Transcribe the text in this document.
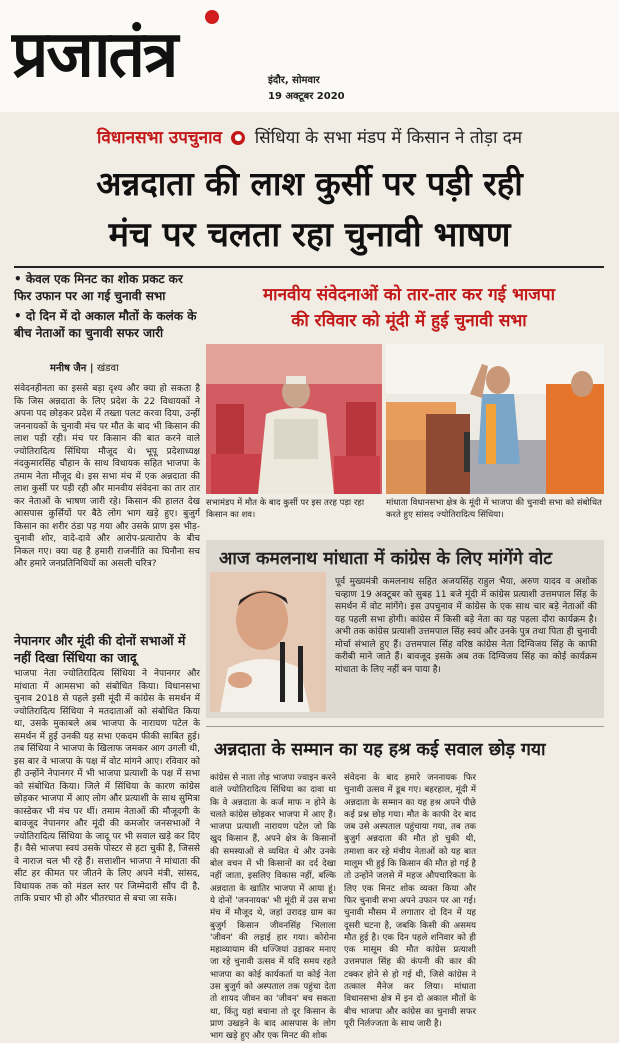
प्रजातंत्र	इंदौर, सोमवार
19 अक्टूबर 2020
विधानसभा उपचुनाव ● सिंधिया के सभा मंडप में किसान ने तोड़ा दम
अन्नदाता की लाश कुर्सी पर पड़ी रही
मंच पर चलता रहा चुनावी भाषण
• केवल एक मिनट का शोक प्रकट कर फिर उफान पर आ गई चुनावी सभा
• दो दिन में दो अकाल मौतों के कलंक के बीच नेताओं का चुनावी सफर जारी
मानवीय संवेदनाओं को तार-तार कर गई भाजपा
की रविवार को मूंदी में हुई चुनावी सभा
मनीष जैन | खंडवा
सभामंडप में मौत के बाद कुर्सी पर इस तरह पड़ा रहा किसान का शव।
मांधाता विधानसभा क्षेत्र के मूंदी में भाजपा की चुनावी सभा को संबोधित करते हुए सांसद ज्योतिरादित्य सिंधिया।

संवेदनहीनता का इससे बड़ा दृश्य और क्या हो सकता है कि जिस अन्नदाता के लिए प्रदेश के 22 विधायकों ने अपना पद छोड़कर प्रदेश में तख्ता पलट करवा दिया, उन्हीं जननायकों के चुनावी मंच पर मौत के बाद भी किसान की लाश पड़ी रही। मंच पर किसान की बात करने वाले ज्योतिरादित्य सिंधिया मौजूद थे। भूपू प्रदेशाध्यक्ष नंदकुमारसिंह चौहान के साथ विधायक सहित भाजपा के तमाम नेता मौजूद थे। इस सभा मंच में एक अन्नदाता की लाश कुर्सी पर पड़ी रही और मानवीय संवेदना का तार तार कर नेताओं के भाषण जारी रहे। किसान की हालत देख आसपास कुर्सियों पर बैठे लोग भाग खड़े हुए। बुजुर्ग किसान का शरीर ठंडा पड़ गया और उसके प्राण इस भीड़-चुनावी शोर, वादे-दावे और आरोप-प्रत्यारोप के बीच निकल गए। क्या यह है हमारी राजनीति का घिनौना सच और हमारे जनप्रतिनिधियों का असली चरित्र?

नेपानगर और मूंदी की दोनों सभाओं में नहीं दिखा सिंधिया का जादू

भाजपा नेता ज्योतिरादित्य सिंधिया ने नेपानगर और मांधाता में आमसभा को संबोधित किया। विधानसभा चुनाव 2018 से पहले इसी मूंदी में कांग्रेस के समर्थन में ज्योतिरादित्य सिंधिया ने मतदाताओं को संबोधित किया था, उसके मुकाबले अब भाजपा के नारायण पटेल के समर्थन में हुई उनकी यह सभा एकदम फीकी साबित हुई। तब सिंधिया ने भाजपा के खिलाफ जमकर आग उगली थी, इस बार वे भाजपा के पक्ष में वोट मांगने आए। रविवार को ही उन्होंने नेपानगर में भी भाजपा प्रत्याशी के पक्ष में सभा को संबोधित किया। जिले में सिंधिया के कारण कांग्रेस छोड़कर भाजपा में आए लोग और प्रत्याशी के साथ सुमित्रा कास्डेकर भी मंच पर थीं। तमाम नेताओं की मौजूदगी के बावजूद नेपानगर और मूंदी की कमजोर जनसभाओं ने ज्योतिरादित्य सिंधिया के जादू पर भी सवाल खड़े कर दिए हैं। वैसे भाजपा स्वयं उसके पोस्टर से हटा चुकी है, जिससे वे नाराज चल भी रहे हैं। सत्ताशीन भाजपा ने मांधाता की सीट हर कीमत पर जीतने के लिए अपने मंत्री, सांसद, विधायक तक को मंडल स्तर पर जिम्मेदारी सौंप दी है, ताकि प्रचार भी हो और भीतरघात से बचा जा सके।

आज कमलनाथ मांधाता में कांग्रेस के लिए मांगेंगे वोट
पूर्व मुख्यमंत्री कमलनाथ सहित अजयसिंह राहुल भैया, अरुण यादव व अशोक चव्हाण 19 अक्टूबर को सुबह 11 बजे मूंदी में कांग्रेस प्रत्याशी उत्तमपाल सिंह के समर्थन में वोट मांगेंगे। इस उपचुनाव में कांग्रेस के एक साथ चार बड़े नेताओं की यह पहली सभा होगी। कांग्रेस में किसी बड़े नेता का यह पहला दौरा कार्यक्रम है। अभी तक कांग्रेस प्रत्याशी उत्तमपाल सिंह स्वयं और उनके पुत्र तथा पिता ही चुनावी मोर्चा संभाले हुए हैं। उत्तमपाल सिंह वरिष्ठ कांग्रेस नेता दिग्विजय सिंह के काफी करीबी माने जाते हैं। बावजूद इसके अब तक दिग्विजय सिंह का कोई कार्यक्रम मांधाता के लिए नहीं बन पाया है।
अन्नदाता के सम्मान का यह हश्र कई सवाल छोड़ गया
कांग्रेस से नाता तोड़ भाजपा ज्वाइन करने वाले ज्योतिरादित्य सिंधिया का दावा था कि वे अन्नदाता के कर्ज माफ न होने के चलते कांग्रेस छोड़कर भाजपा में आए हैं। भाजपा प्रत्याशी नारायण पटेल जो कि खुद किसान हैं, अपने क्षेत्र के किसानों की समस्याओं से व्यथित थे और उनके बोल वचन में भी किसानों का दर्द देखा नहीं जाता, इसलिए विकास नहीं, बल्कि अन्नदाता के खातिर भाजपा में आया हूं। ये दोनों 'जननायक' भी मूंदी में उस सभा मंच में मौजूद थे, जहां उरादड़ ग्राम का बुजुर्ग किसान जीवनसिंह भिलाला 'जीवन' की लड़ाई हार गया। कोरोना महाव्यायाम की धज्जियां उड़ाकर मनाए जा रहे चुनावी उत्सव में यदि समय रहते भाजपा का कोई कार्यकर्ता या कोई नेता उस बुजुर्ग को अस्पताल तक पहुंचा देता तो शायद जीवन का 'जीवन' बच सकता था, किंतु यहां बचाना तो दूर किसान के प्राण उखड़ने के बाद आसपास के लोग भाग खड़े हुए और एक मिनट की शोक
संवेदना के बाद हमारे जननायक फिर चुनावी उत्सव में डूब गए। बहरहाल, मूंदी में अन्नदाता के सम्मान का यह हश्र अपने पीछे कई प्रश्न छोड़ गया। मौत के काफी देर बाद जब उसे अस्पताल पहुंचाया गया, तब तक बुजुर्ग अन्नदाता की मौत हो चुकी थी, तमाशा कर रहे मंचीय नेताओं को यह बात मालूम भी हुई कि किसान की मौत हो गई है तो उन्होंने जलसे में महज औपचारिकता के लिए एक मिनट शोक व्यक्त किया और फिर चुनावी सभा अपने उफान पर आ गई। चुनावी मौसम में लगातार दो दिन में यह दूसरी घटना है, जबकि किसी की असमय मौत हुई है। एक दिन पहले शनिवार को ही एक मासूम की मौत कांग्रेस प्रत्याशी उत्तमपाल सिंह की कंपनी की कार की टक्कर होने से हो गई थी, जिसे कांग्रेस ने तत्काल मैनेज कर लिया। मांधाता विधानसभा क्षेत्र में इन दो अकाल मौतों के बीच भाजपा और कांग्रेस का चुनावी सफर पूरी निर्लज्जता के साथ जारी है।
